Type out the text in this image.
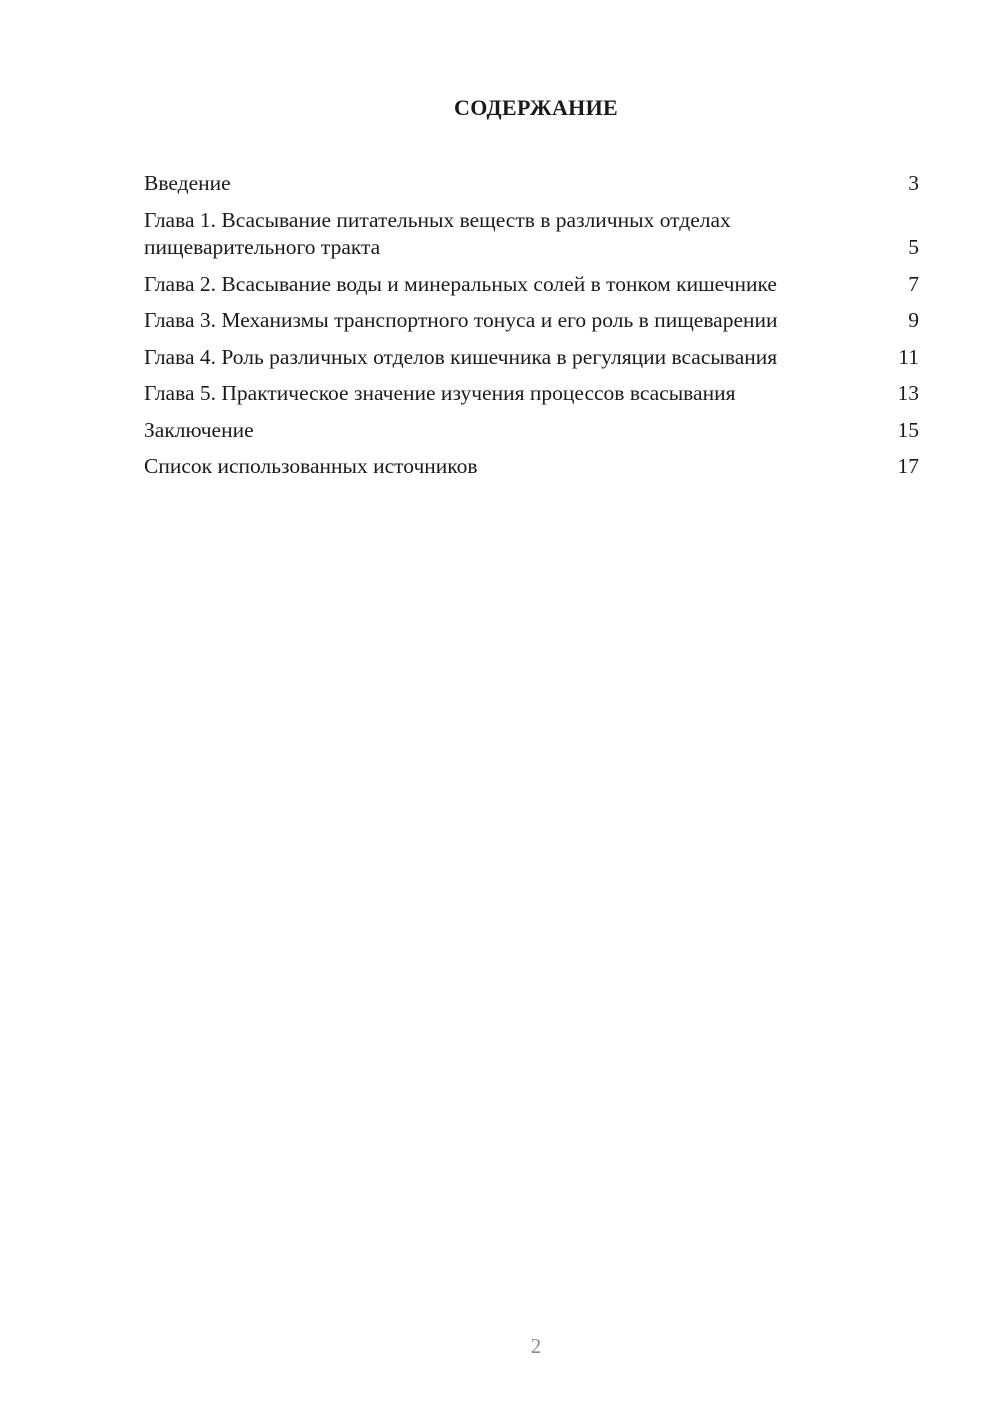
СОДЕРЖАНИЕ
Введение	3
Глава 1. Всасывание питательных веществ в различных отделах пищеварительного тракта	5
Глава 2. Всасывание воды и минеральных солей в тонком кишечнике	7
Глава 3. Механизмы транспортного тонуса и его роль в пищеварении	9
Глава 4. Роль различных отделов кишечника в регуляции всасывания	11
Глава 5. Практическое значение изучения процессов всасывания	13
Заключение	15
Список использованных источников	17
2
